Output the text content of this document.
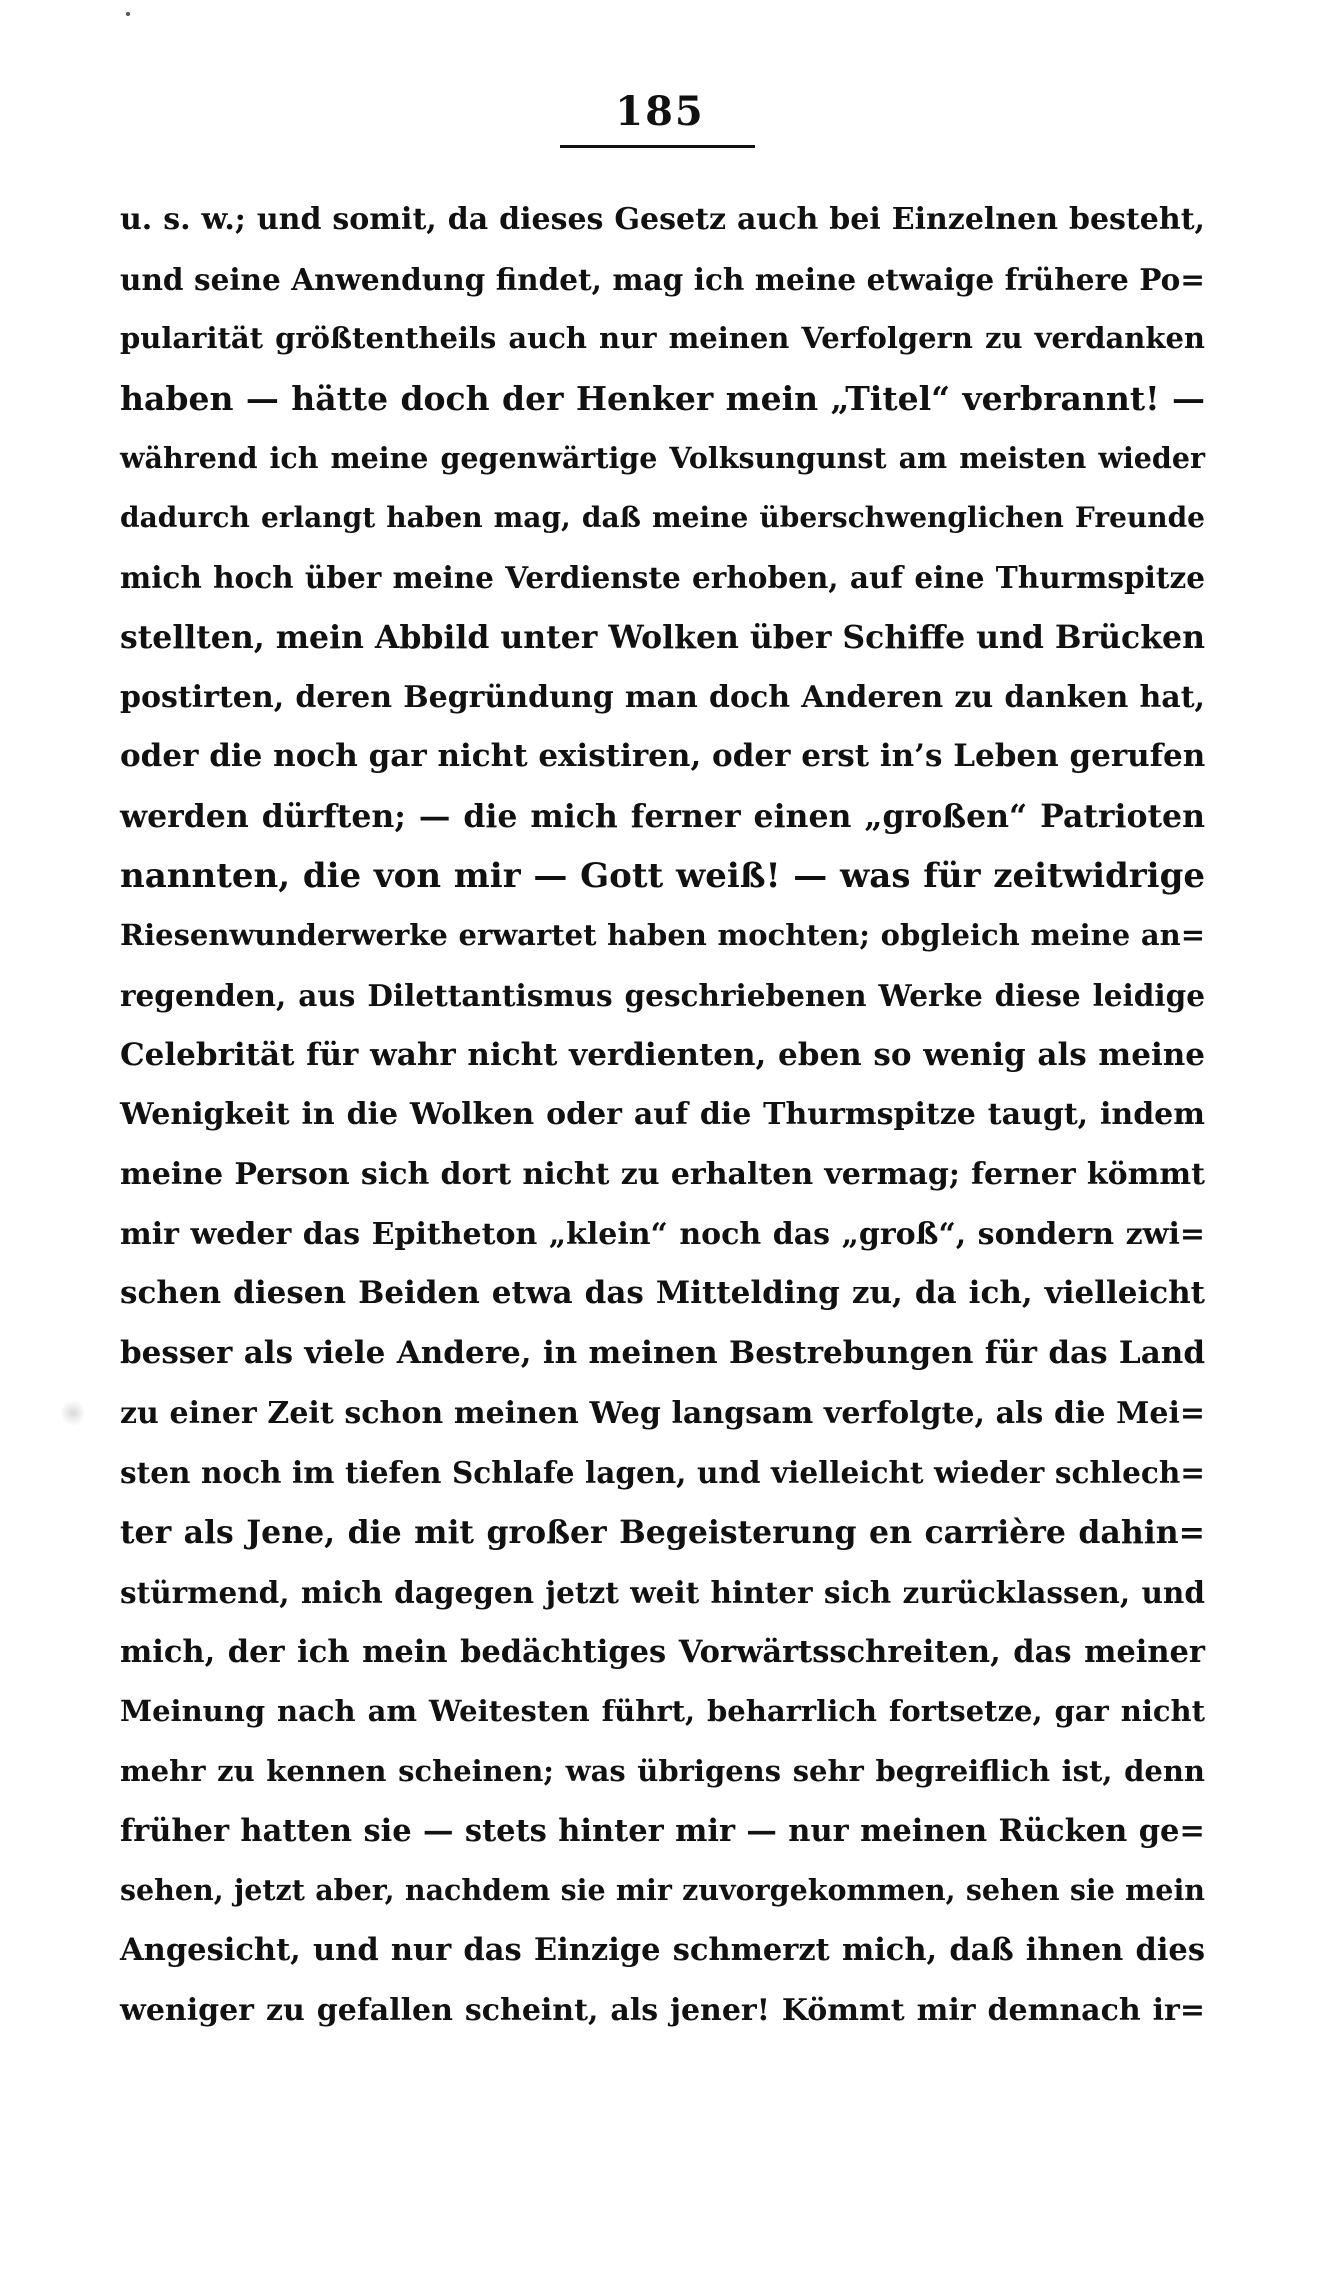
185
u. s. w.; und somit, da dieses Gesetz auch bei Einzelnen besteht,
und seine Anwendung findet, mag ich meine etwaige frühere Po=
pularität größtentheils auch nur meinen Verfolgern zu verdanken
haben — hätte doch der Henker mein „Titel“ verbrannt! —
während ich meine gegenwärtige Volksungunst am meisten wieder
dadurch erlangt haben mag, daß meine überschwenglichen Freunde
mich hoch über meine Verdienste erhoben, auf eine Thurmspitze
stellten, mein Abbild unter Wolken über Schiffe und Brücken
postirten, deren Begründung man doch Anderen zu danken hat,
oder die noch gar nicht existiren, oder erst in’s Leben gerufen
werden dürften; — die mich ferner einen „großen“ Patrioten
nannten, die von mir — Gott weiß! — was für zeitwidrige
Riesenwunderwerke erwartet haben mochten; obgleich meine an=
regenden, aus Dilettantismus geschriebenen Werke diese leidige
Celebrität für wahr nicht verdienten, eben so wenig als meine
Wenigkeit in die Wolken oder auf die Thurmspitze taugt, indem
meine Person sich dort nicht zu erhalten vermag; ferner kömmt
mir weder das Epitheton „klein“ noch das „groß“, sondern zwi=
schen diesen Beiden etwa das Mittelding zu, da ich, vielleicht
besser als viele Andere, in meinen Bestrebungen für das Land
zu einer Zeit schon meinen Weg langsam verfolgte, als die Mei=
sten noch im tiefen Schlafe lagen, und vielleicht wieder schlech=
ter als Jene, die mit großer Begeisterung en carrière dahin=
stürmend, mich dagegen jetzt weit hinter sich zurücklassen, und
mich, der ich mein bedächtiges Vorwärtsschreiten, das meiner
Meinung nach am Weitesten führt, beharrlich fortsetze, gar nicht
mehr zu kennen scheinen; was übrigens sehr begreiflich ist, denn
früher hatten sie — stets hinter mir — nur meinen Rücken ge=
sehen, jetzt aber, nachdem sie mir zuvorgekommen, sehen sie mein
Angesicht, und nur das Einzige schmerzt mich, daß ihnen dies
weniger zu gefallen scheint, als jener! Kömmt mir demnach ir=
